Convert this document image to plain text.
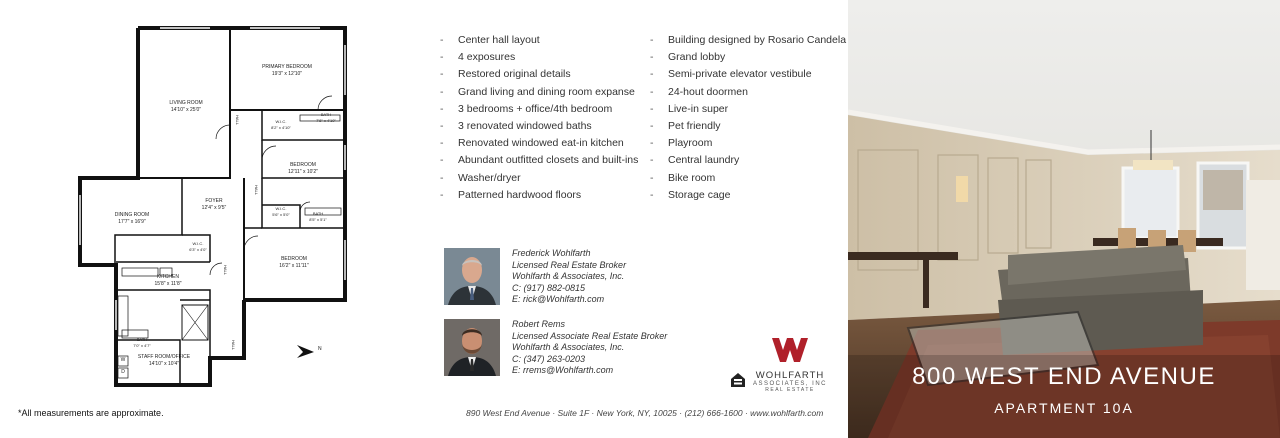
LIVING ROOM
14'10" x 25'0"
PRIMARY BEDROOM
19'3" x 12'10"
BATH
7'8" x 4'10"
W.I.C.
8'2" x 4'10"
BEDROOM
12'11" x 10'2"
W.I.C.
5'6" x 5'0"	BATH
8'5" x 5'1"
FOYER
12'4" x 9'5"
DINING ROOM
17'7" x 16'9"
W.I.C.
6'3" x 4'0"
BEDROOM
16'2" x 11'11"
KITCHEN
15'8" x 11'8"
BATH
7'0" x 4'7"
STAFF ROOM/OFFICE
14'10" x 10'4"
HALL
HALL
HALL
HALL
W
D
N
*All measurements are approximate.
-	Center hall layout
-	4 exposures
-	Restored original details
-	Grand living and dining room expanse
-	3 bedrooms + office/4th bedroom
-	3 renovated windowed baths
-	Renovated windowed eat-in kitchen
-	Abundant outfitted closets and built-ins
-	Washer/dryer
-	Patterned hardwood floors
-	Building designed by Rosario Candela
-	Grand lobby
-	Semi-private elevator vestibule
-	24-hout doormen
-	Live-in super
-	Pet friendly
-	Playroom
-	Central laundry
-	Bike room
-	Storage cage
Frederick Wohlfarth
Licensed Real Estate Broker
Wohlfarth & Associates, Inc.
C: (917) 882-0815
E: rick@Wohlfarth.com
Robert Rems
Licensed Associate Real Estate Broker
Wohlfarth & Associates, Inc.
C: (347) 263-0203
E: rrems@Wohlfarth.com	WOHLFARTH
ASSOCIATES, INC
REAL ESTATE
890 West End Avenue · Suite 1F · New York, NY, 10025 · (212) 666-1600 · www.wohlfarth.com
800 WEST END AVENUE
APARTMENT 10A
